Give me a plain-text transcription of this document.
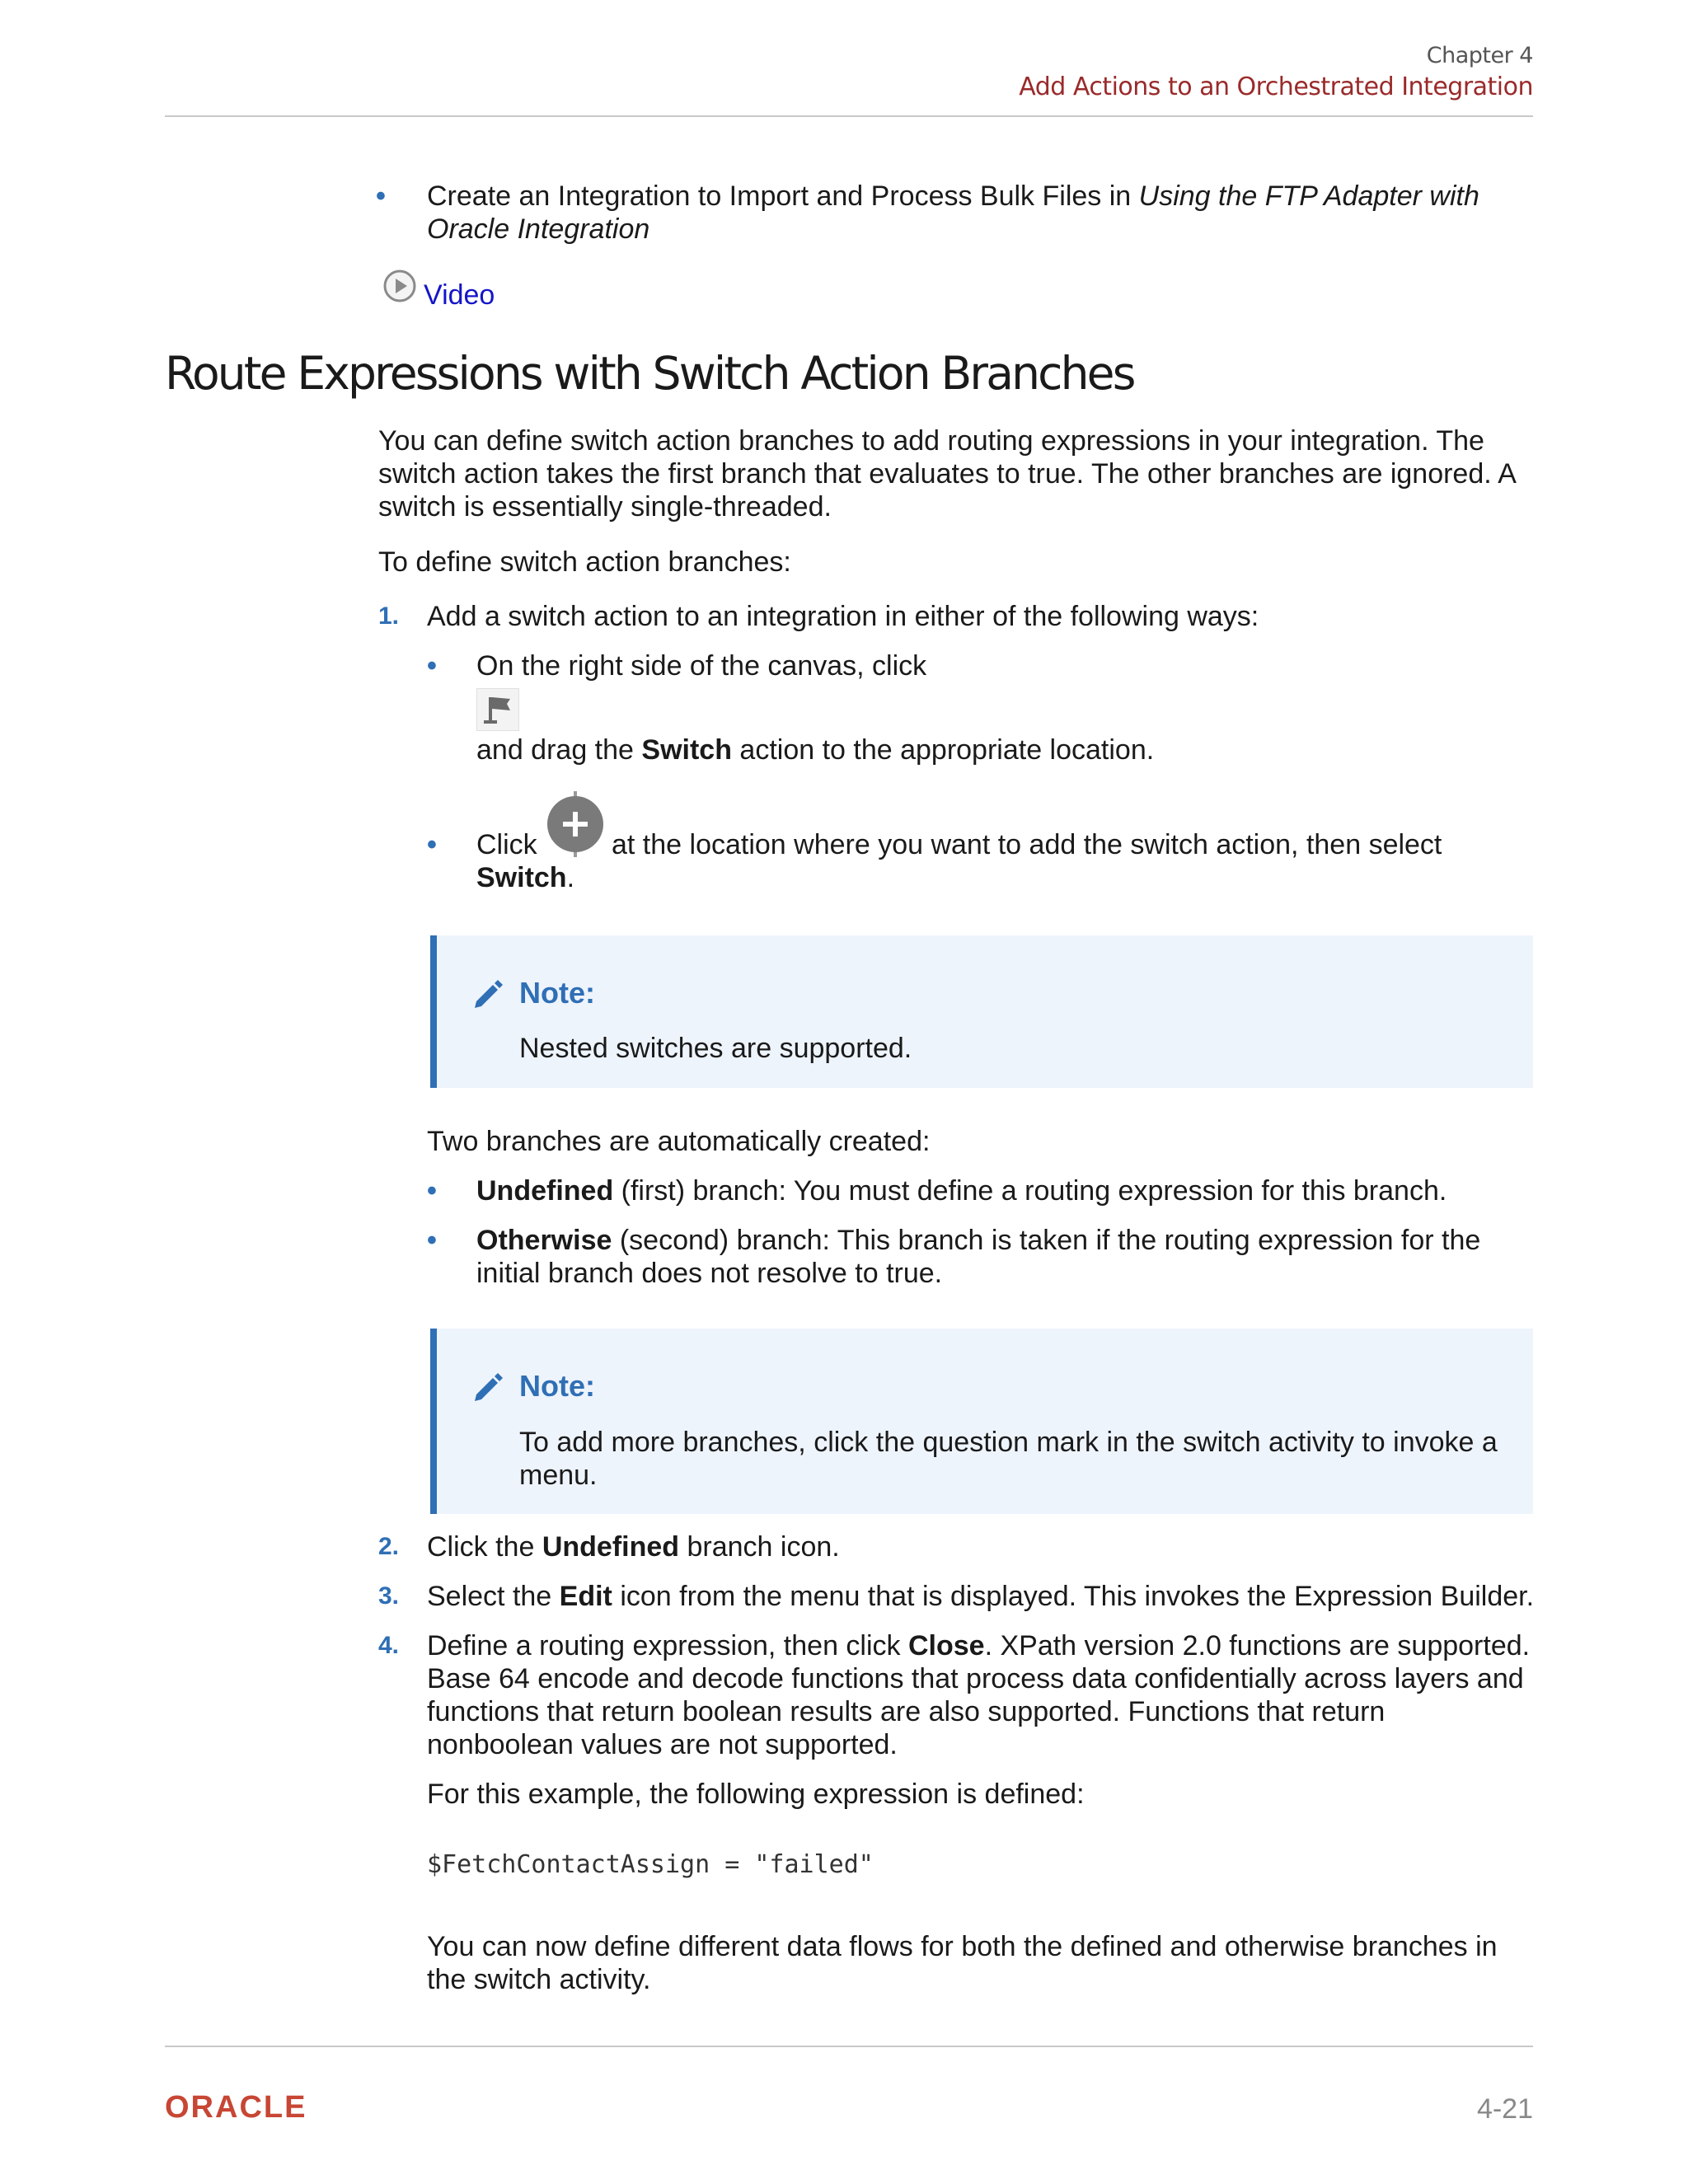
Chapter 4
Add Actions to an Orchestrated Integration
• Create an Integration to Import and Process Bulk Files in Using the FTP Adapter with
Oracle Integration
Video
Route Expressions with Switch Action Branches
You can define switch action branches to add routing expressions in your integration. The
switch action takes the first branch that evaluates to true. The other branches are ignored. A
switch is essentially single-threaded.
To define switch action branches:
1. Add a switch action to an integration in either of the following ways:
• On the right side of the canvas, click
and drag the Switch action to the appropriate location.
• Click	at the location where you want to add the switch action, then select
Switch.
Note:
Nested switches are supported.
Two branches are automatically created:
• Undefined (first) branch: You must define a routing expression for this branch.
• Otherwise (second) branch: This branch is taken if the routing expression for the
initial branch does not resolve to true.
Note:
To add more branches, click the question mark in the switch activity to invoke a
menu.
2. Click the Undefined branch icon.
3. Select the Edit icon from the menu that is displayed. This invokes the Expression Builder.
4. Define a routing expression, then click Close. XPath version 2.0 functions are supported.
Base 64 encode and decode functions that process data confidentially across layers and
functions that return boolean results are also supported. Functions that return
nonboolean values are not supported.
For this example, the following expression is defined:
$FetchContactAssign = "failed"
You can now define different data flows for both the defined and otherwise branches in
the switch activity.
ORACLE	4-21
